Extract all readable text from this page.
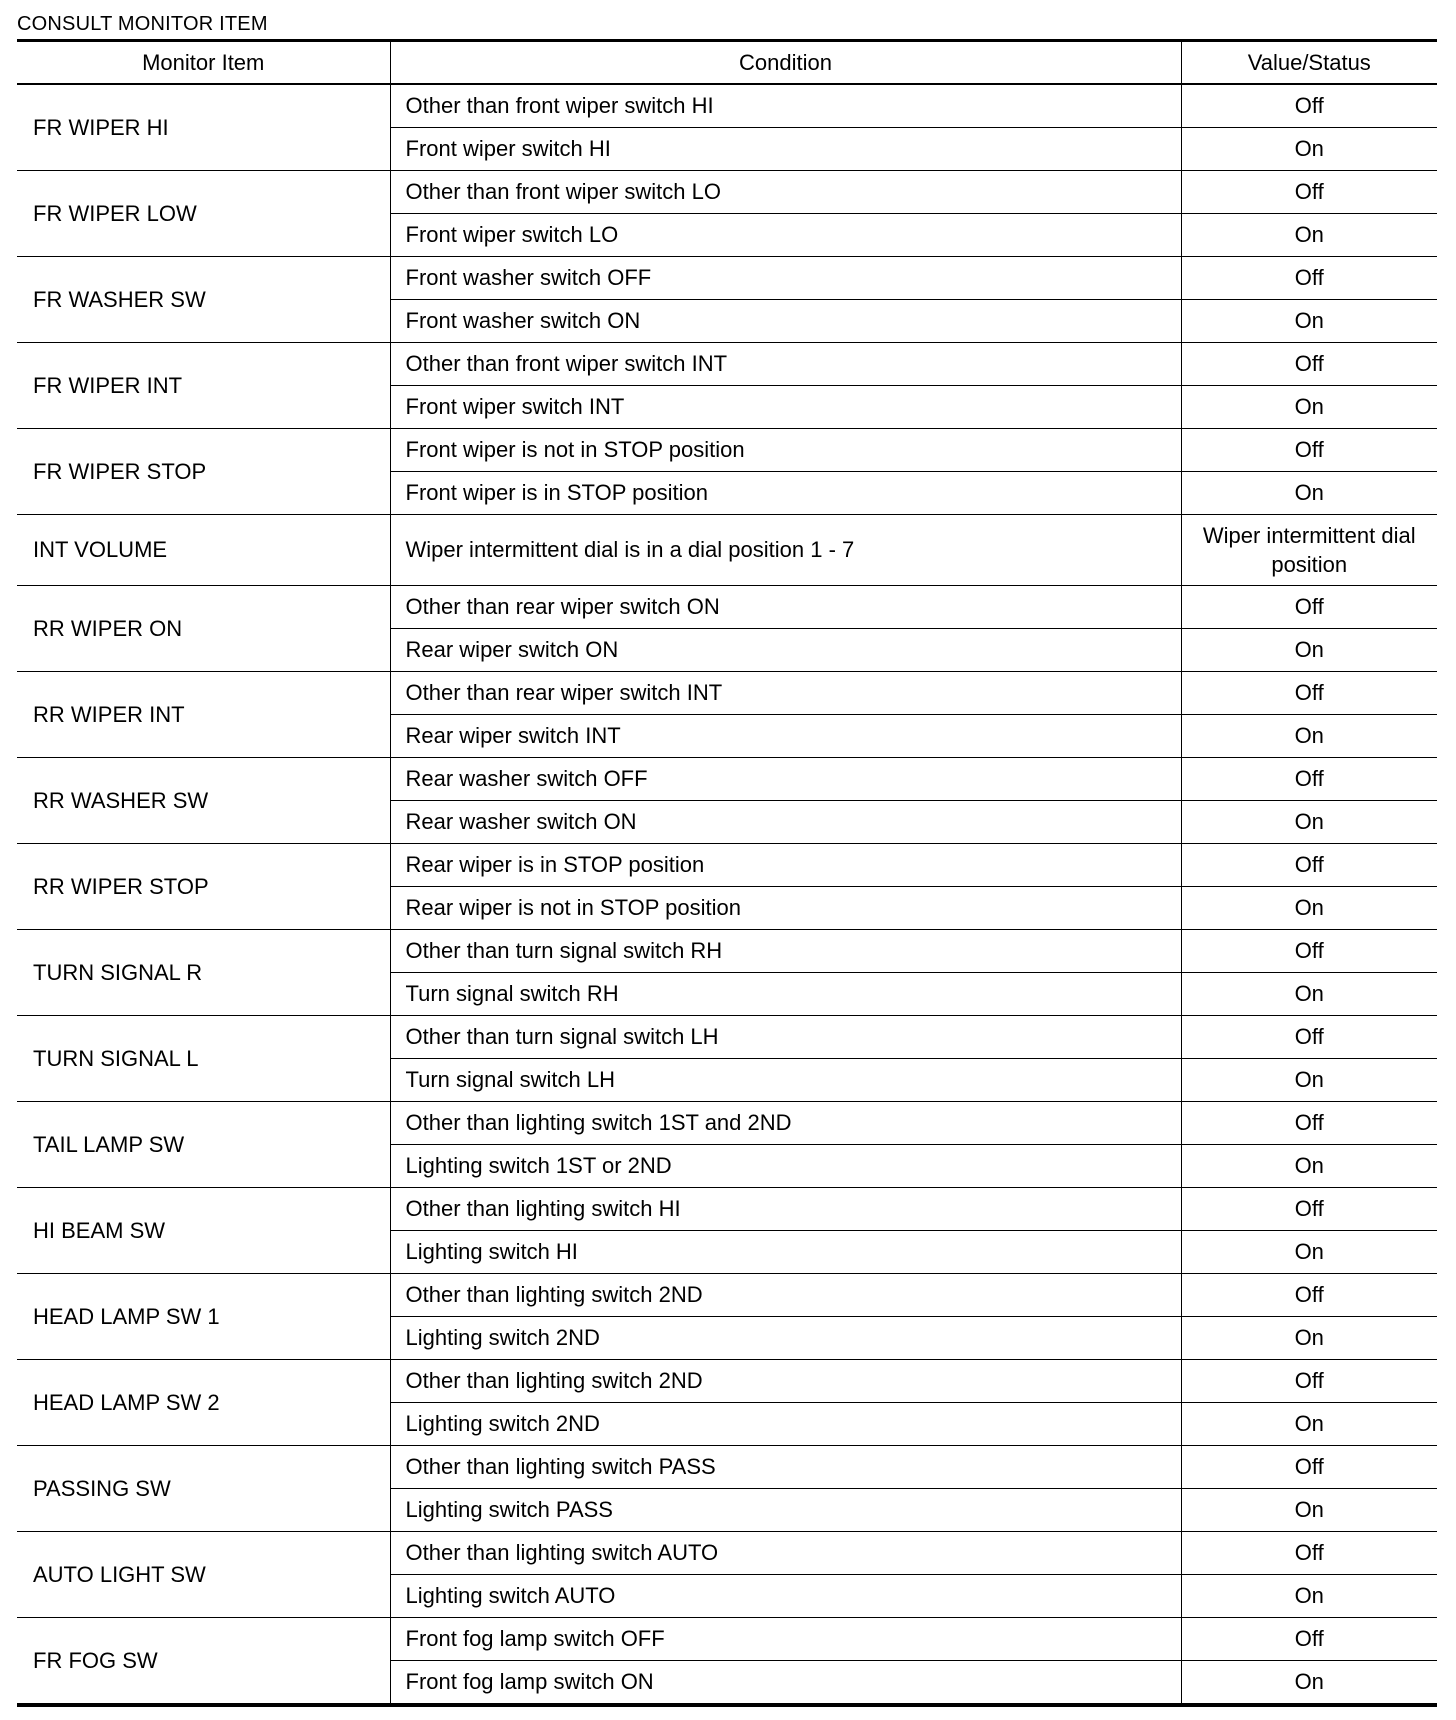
CONSULT MONITOR ITEM
Monitor Item	Condition	Value/Status
FR WIPER HI	Other than front wiper switch HI	Off
	Front wiper switch HI	On
FR WIPER LOW	Other than front wiper switch LO	Off
	Front wiper switch LO	On
FR WASHER SW	Front washer switch OFF	Off
	Front washer switch ON	On
FR WIPER INT	Other than front wiper switch INT	Off
	Front wiper switch INT	On
FR WIPER STOP	Front wiper is not in STOP position	Off
	Front wiper is in STOP position	On
INT VOLUME	Wiper intermittent dial is in a dial position 1 - 7	Wiper intermittent dial position
RR WIPER ON	Other than rear wiper switch ON	Off
	Rear wiper switch ON	On
RR WIPER INT	Other than rear wiper switch INT	Off
	Rear wiper switch INT	On
RR WASHER SW	Rear washer switch OFF	Off
	Rear washer switch ON	On
RR WIPER STOP	Rear wiper is in STOP position	Off
	Rear wiper is not in STOP position	On
TURN SIGNAL R	Other than turn signal switch RH	Off
	Turn signal switch RH	On
TURN SIGNAL L	Other than turn signal switch LH	Off
	Turn signal switch LH	On
TAIL LAMP SW	Other than lighting switch 1ST and 2ND	Off
	Lighting switch 1ST or 2ND	On
HI BEAM SW	Other than lighting switch HI	Off
	Lighting switch HI	On
HEAD LAMP SW 1	Other than lighting switch 2ND	Off
	Lighting switch 2ND	On
HEAD LAMP SW 2	Other than lighting switch 2ND	Off
	Lighting switch 2ND	On
PASSING SW	Other than lighting switch PASS	Off
	Lighting switch PASS	On
AUTO LIGHT SW	Other than lighting switch AUTO	Off
	Lighting switch AUTO	On
FR FOG SW	Front fog lamp switch OFF	Off
	Front fog lamp switch ON	On
